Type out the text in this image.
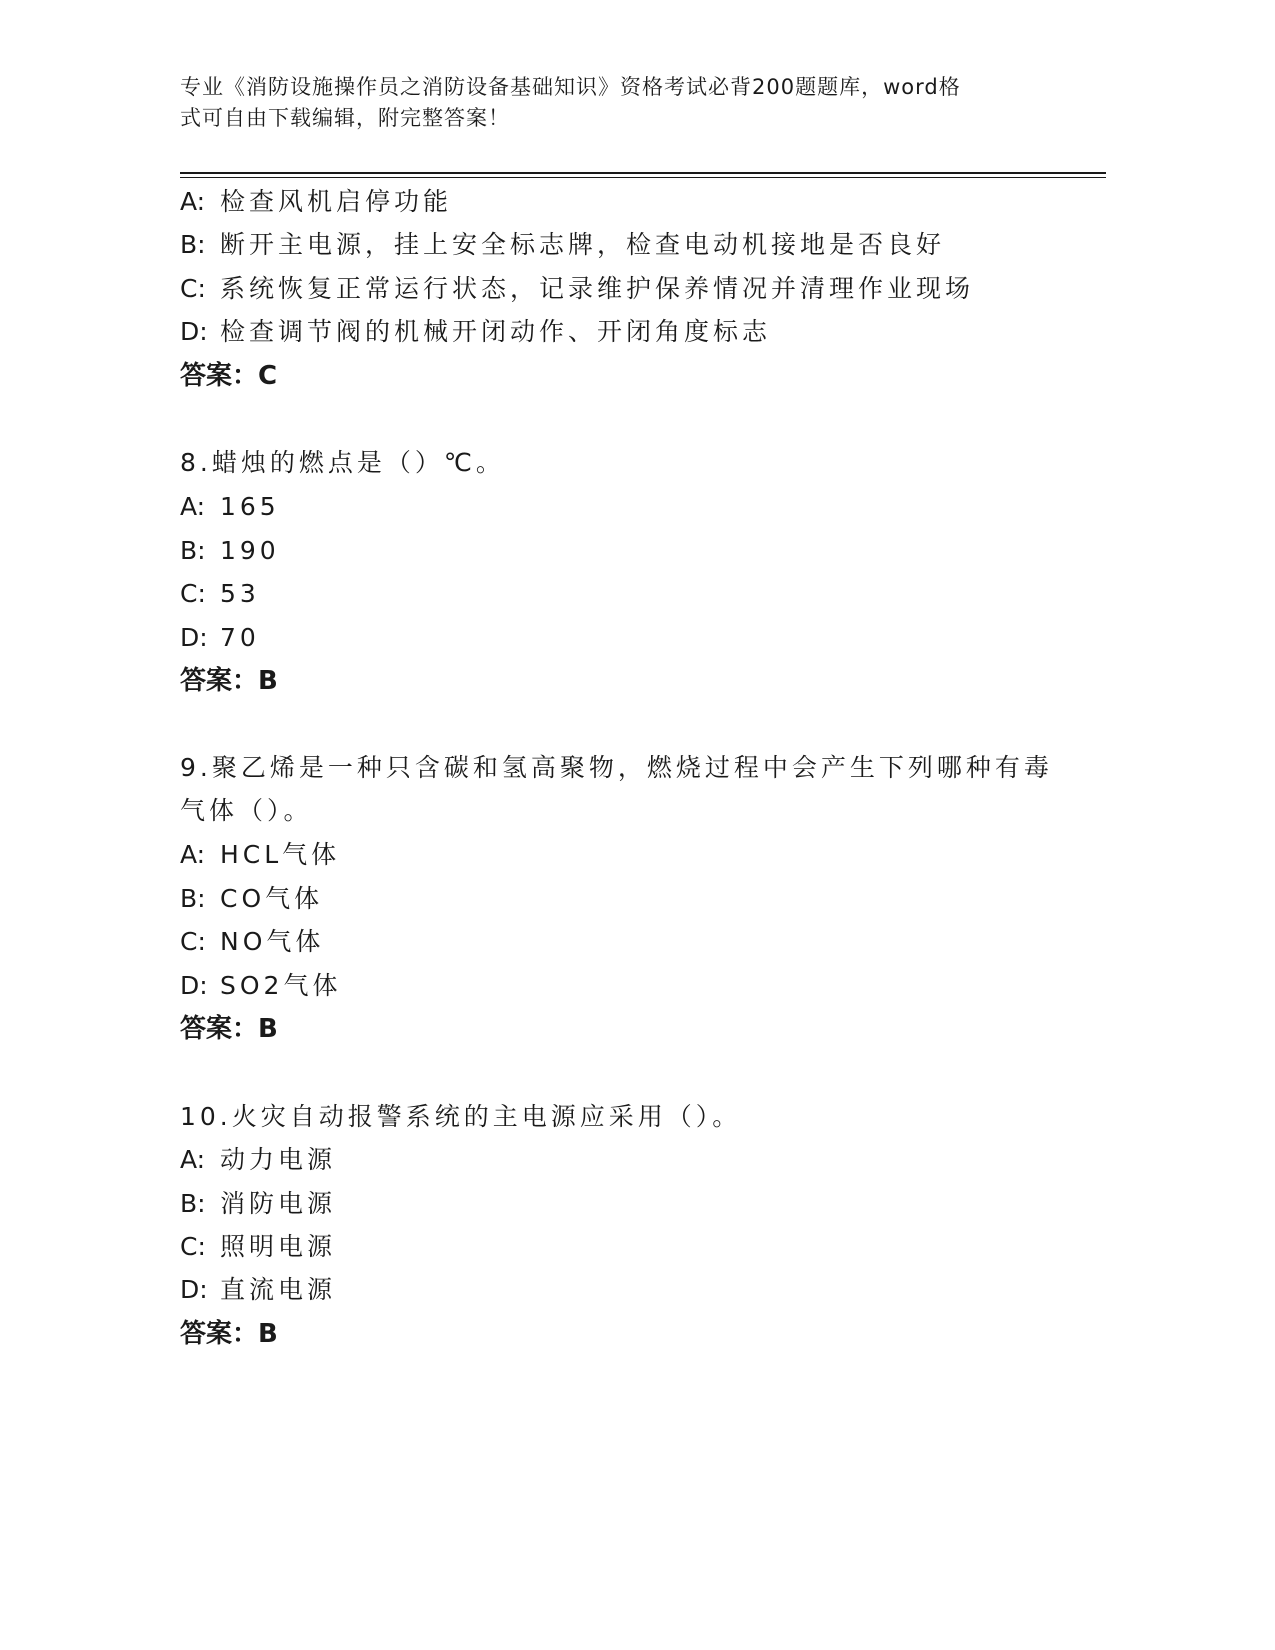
专业《消防设施操作员之消防设备基础知识》资格考试必背200题题库，word格
式可自由下载编辑，附完整答案！
A: 检查风机启停功能
B: 断开主电源，挂上安全标志牌，检查电动机接地是否良好
C: 系统恢复正常运行状态，记录维护保养情况并清理作业现场
D: 检查调节阀的机械开闭动作、开闭角度标志
答案：C
8.蜡烛的燃点是（）℃。
A: 165
B: 190
C: 53
D: 70
答案：B
9.聚乙烯是一种只含碳和氢高聚物，燃烧过程中会产生下列哪种有毒
气体（）。
A: HCL气体
B: CO气体
C: NO气体
D: SO2气体
答案：B
10.火灾自动报警系统的主电源应采用（）。
A: 动力电源
B: 消防电源
C: 照明电源
D: 直流电源
答案：B
